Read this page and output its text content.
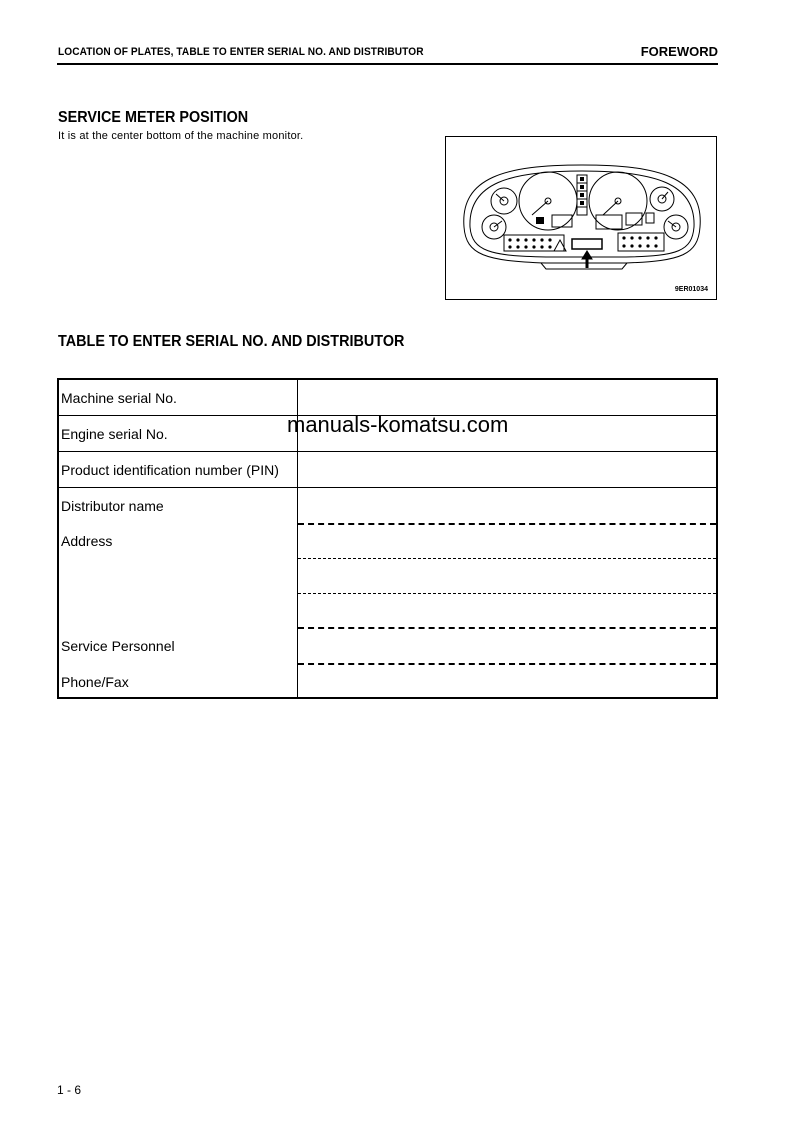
LOCATION OF PLATES, TABLE TO ENTER SERIAL NO. AND DISTRIBUTOR	FOREWORD
SERVICE METER POSITION
It is at the center bottom of the machine monitor.
9ER01034
TABLE TO ENTER SERIAL NO. AND DISTRIBUTOR
Machine serial No.
Engine serial No.
Product identification number (PIN)
Distributor name
Address
Service Personnel
Phone/Fax
manuals-komatsu.com
1 - 6
